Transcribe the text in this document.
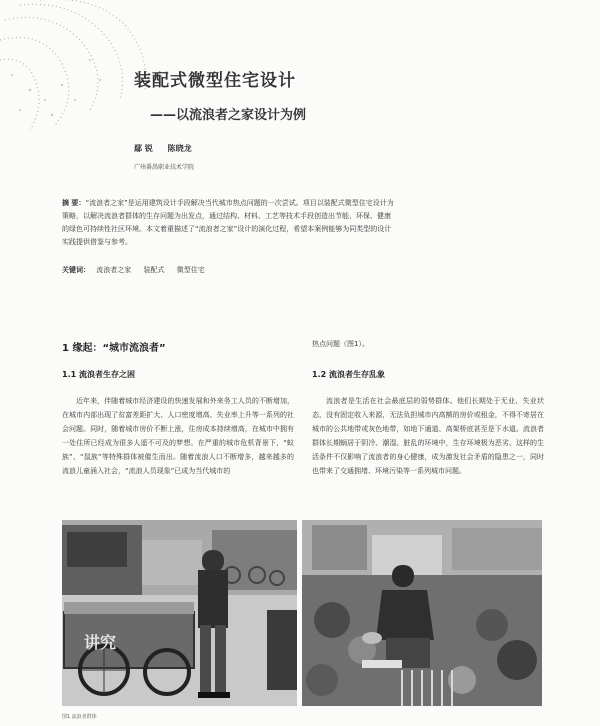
装配式微型住宅设计
——以流浪者之家设计为例
鄢 锐 陈晓龙
广州番禺职业技术学院
摘 要：“流浪者之家”是运用建筑设计手段解决当代城市热点问题的一次尝试。项目以装配式微型住宅设计为策略，以解决流浪者群体的生存问题为出发点，通过结构、材料、工艺等技术手段创造出节能、环保、健康的绿色可持续性社区环境。本文着重描述了“流浪者之家”设计的演化过程，希望本案例能够为同类型的设计实践提供借鉴与参考。
关键词： 流浪者之家 装配式 微型住宅
1 缘起：“城市流浪者”
1.1 流浪者生存之困
近年来，伴随着城市经济建设的快速发展和外来务工人员的不断增加，在城市内部出现了贫富差距扩大、人口密度增高、失业率上升等一系列的社会问题。同时，随着城市房价不断上涨，住房成本持续增高，在城市中拥有一处住所已经成为很多人遥不可及的梦想。在严重的城市危机背景下，“蚁族”、“鼠族”等特殊群体被催生而出。随着流浪人口不断增多，越来越多的流浪儿童涌入社会，“流浪人员现象”已成为当代城市的
热点问题（图1）。
1.2 流浪者生存乱象
流浪者是生活在社会最底层的弱势群体。他们长期处于无业、失业状态，没有固定收入来源，无法负担城市内高额的房价或租金，不得不寄居在城市的公共地带或灰色地带，如地下通道、高架桥底甚至是下水道。流浪者群体长期蜗居于阴冷、潮湿、脏乱的环境中，生存环境极为恶劣。这样的生活条件不仅影响了流浪者的身心健康，成为激发社会矛盾的隐患之一，同时也带来了交通拥堵、环境污染等一系列城市问题。
讲究
图1 流浪者群体
